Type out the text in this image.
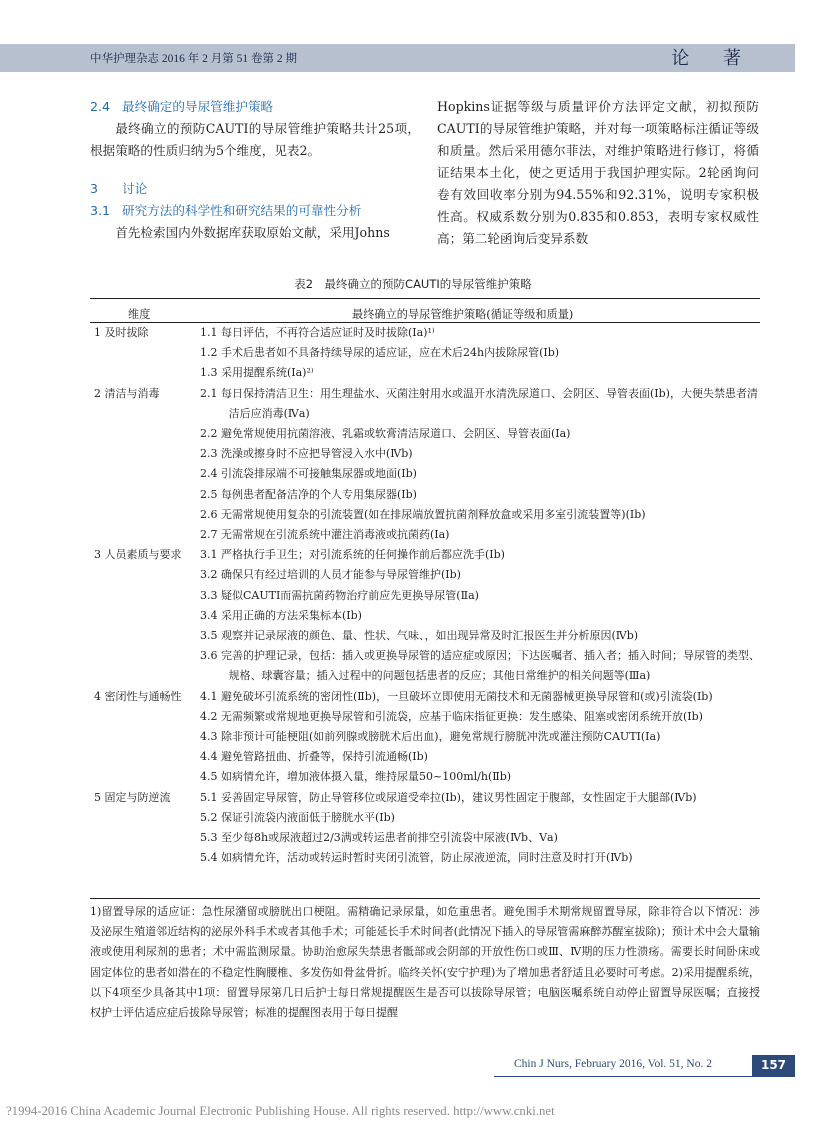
中华护理杂志 2016 年 2 月第 51 卷第 2 期	论 著
2.4 最终确定的导尿管维护策略
最终确立的预防CAUTI的导尿管维护策略共计25项，根据策略的性质归纳为5个维度，见表2。
3 讨论
3.1 研究方法的科学性和研究结果的可靠性分析
首先检索国内外数据库获取原始文献，采用Johns
Hopkins证据等级与质量评价方法评定文献，初拟预防CAUTI的导尿管维护策略，并对每一项策略标注循证等级和质量。然后采用德尔菲法，对维护策略进行修订，将循证结果本土化，使之更适用于我国护理实际。2轮函询问卷有效回收率分别为94.55%和92.31%，说明专家积极性高。权威系数分别为0.835和0.853，表明专家权威性高；第二轮函询后变异系数
表2　最终确立的预防CAUTI的导尿管维护策略
维度	最终确立的导尿管维护策略(循证等级和质量)
1 及时拔除	1.1 每日评估，不再符合适应证时及时拔除(Ⅰa)¹⁾
1.2 手术后患者如不具备持续导尿的适应证，应在术后24h内拔除尿管(Ⅰb)
1.3 采用提醒系统(Ⅰa)²⁾
2 清洁与消毒	2.1 每日保持清洁卫生：用生理盐水、灭菌注射用水或温开水清洗尿道口、会阴区、导管表面(Ⅰb)，大便失禁患者清洁后应消毒(Ⅳa)
2.2 避免常规使用抗菌溶液、乳霜或软膏清洁尿道口、会阴区、导管表面(Ⅰa)
2.3 洗澡或擦身时不应把导管浸入水中(Ⅳb)
2.4 引流袋排尿端不可接触集尿器或地面(Ⅰb)
2.5 每例患者配备洁净的个人专用集尿器(Ⅰb)
2.6 无需常规使用复杂的引流装置(如在排尿端放置抗菌剂释放盒或采用多室引流装置等)(Ⅰb)
2.7 无需常规在引流系统中灌注消毒液或抗菌药(Ⅰa)
3 人员素质与要求	3.1 严格执行手卫生；对引流系统的任何操作前后都应洗手(Ⅰb)
3.2 确保只有经过培训的人员才能参与导尿管维护(Ⅰb)
3.3 疑似CAUTI而需抗菌药物治疗前应先更换导尿管(Ⅱa)
3.4 采用正确的方法采集标本(Ⅰb)
3.5 观察并记录尿液的颜色、量、性状、气味、，如出现异常及时汇报医生并分析原因(Ⅳb)
3.6 完善的护理记录，包括：插入或更换导尿管的适应症或原因；下达医嘱者、插入者；插入时间；导尿管的类型、规格、球囊容量；插入过程中的问题包括患者的反应；其他日常维护的相关问题等(Ⅲa)
4 密闭性与通畅性	4.1 避免破坏引流系统的密闭性(Ⅱb)，一旦破坏立即使用无菌技术和无菌器械更换导尿管和(或)引流袋(Ⅰb)
4.2 无需频繁或常规地更换导尿管和引流袋，应基于临床指征更换：发生感染、阻塞或密闭系统开放(Ⅰb)
4.3 除非预计可能梗阻(如前列腺或膀胱术后出血)，避免常规行膀胱冲洗或灌注预防CAUTI(Ⅰa)
4.4 避免管路扭曲、折叠等，保持引流通畅(Ⅰb)
4.5 如病情允许，增加液体摄入量，维持尿量50~100ml/h(Ⅱb)
5 固定与防逆流	5.1 妥善固定导尿管，防止导管移位或尿道受牵拉(Ⅰb)，建议男性固定于腹部，女性固定于大腿部(Ⅳb)
5.2 保证引流袋内液面低于膀胱水平(Ⅰb)
5.3 至少每8h或尿液超过2/3满或转运患者前排空引流袋中尿液(Ⅳb、Ⅴa)
5.4 如病情允许，活动或转运时暂时夹闭引流管，防止尿液逆流，同时注意及时打开(Ⅳb)
1)留置导尿的适应证：急性尿潴留或膀胱出口梗阻。需精确记录尿量，如危重患者。避免围手术期常规留置导尿，除非符合以下情况：涉及泌尿生殖道邻近结构的泌尿外科手术或者其他手术；可能延长手术时间者(此情况下插入的导尿管需麻醉苏醒室拔除)；预计术中会大量输液或使用利尿剂的患者；术中需监测尿量。协助治愈尿失禁患者骶部或会阴部的开放性伤口或Ⅲ、Ⅳ期的压力性溃疡。需要长时间卧床或固定体位的患者如潜在的不稳定性胸腰椎、多发伤如骨盆骨折。临终关怀(安宁护理)为了增加患者舒适且必要时可考虑。2)采用提醒系统，以下4项至少具备其中1项：留置导尿第几日后护士每日常规提醒医生是否可以拔除导尿管；电脑医嘱系统自动停止留置导尿医嘱；直接授权护士评估适应症后拔除导尿管；标准的提醒图表用于每日提醒
Chin J Nurs, February 2016, Vol. 51, No. 2	157
?1994-2016 China Academic Journal Electronic Publishing House. All rights reserved. http://www.cnki.net
